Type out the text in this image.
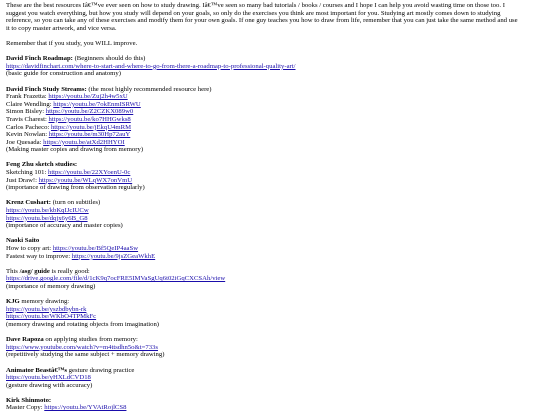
These are the best resources Iâ€™ve ever seen on how to study drawing. Iâ€™ve seen so many bad tutorials / books / courses and I hope I can help you avoid wasting time on those too. I suggest you watch everything, but how you study will depend on your goals, so only do the exercises you think are most important for you. Studying art mostly comes down to studying reference, so you can take any of these exercises and modify them for your own goals. If one guy teaches you how to draw from life, remember that you can just take the same method and use it to copy master artwork, and vice versa.

Remember that if you study, you WILL improve.

David Finch Roadmap: (Beginners should do this)

https://davidfinchart.com/where-to-start-and-where-to-go-from-there-a-roadmap-to-professional-quality-art/

(basic guide for construction and anatomy)

David Finch Study Streams: (the most highly recommended resource here)

Frank Frazetta: https://youtu.be/Zuj2h4w5xU

Claire Wendling: https://youtu.be/7okEnmISRWU

Simon Bisley: https://youtu.be/Z2CZKX089w0

Travis Charest: https://youtu.be/ko7HHGwks8

Carlos Pacheco: https://youtu.be/jEkqU4mRM

Kevin Nowlan: https://youtu.be/m30Hp72auY

Joe Quesada: https://youtu.be/atXd2HHYOI

(Making master copies and drawing from memory)

Feng Zhu sketch studies:

Sketching 101: https://youtu.be/22XYoenU-0c

Just Draw!: https://youtu.be/WLqWX7onVmU

(importance of drawing from observation regularly)

Krenz Cushart: (turn on subtitles)

https://youtu.be/kbKqIJcIUCw

https://youtu.be/dqjx6y6B_G8

(importance of accuracy and master copies)

Naoki Saito

How to copy art: https://youtu.be/Bf5QeIP4aaSw

Fastest way to improve: https://youtu.be/9jsZGeaWkhE

This /asg/ guide is really good:

https://drive.google.com/file/d/1cK9q7ocFRE5IMVaSgUq6t02iGqCXCSAh/view

(importance of memory drawing)

KJG memory drawing:

https://youtu.be/yszbdbybn-rk

https://youtu.be/WKbO4TPMkFc

(memory drawing and rotating objects from imagination)

Dave Rapoza on applying studies from memory:

https://www.youtube.com/watch?v=m4ttsdhn5o&t=733s

(repetitively studying the same subject + memory drawing)

Animator Beastâ€™s gesture drawing practice

https://youtu.be/yHXLdCVD18

(gesture drawing with accuracy)

Kirk Shinmoto:

Master Copy: https://youtu.be/YVAtRojlCS8
